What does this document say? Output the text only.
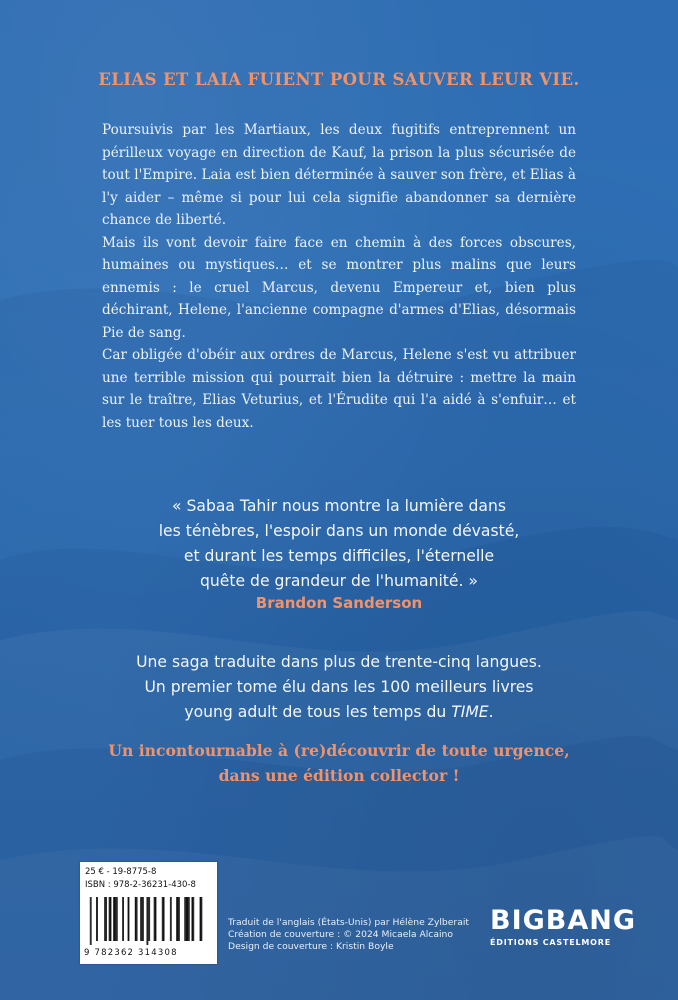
ELIAS ET LAIA FUIENT POUR SAUVER LEUR VIE.

Poursuivis par les Martiaux, les deux fugitifs entreprennent un périlleux voyage en direction de Kauf, la prison la plus sécurisée de tout l'Empire. Laia est bien déterminée à sauver son frère, et Elias à l'y aider – même si pour lui cela signifie abandonner sa dernière chance de liberté.

Mais ils vont devoir faire face en chemin à des forces obscures, humaines ou mystiques… et se montrer plus malins que leurs ennemis : le cruel Marcus, devenu Empereur et, bien plus déchirant, Helene, l'ancienne compagne d'armes d'Elias, désormais Pie de sang.

Car obligée d'obéir aux ordres de Marcus, Helene s'est vu attribuer une terrible mission qui pourrait bien la détruire : mettre la main sur le traître, Elias Veturius, et l'Érudite qui l'a aidé à s'enfuir… et les tuer tous les deux.

« Sabaa Tahir nous montre la lumière dans
les ténèbres, l'espoir dans un monde dévasté,
et durant les temps difficiles, l'éternelle
quête de grandeur de l'humanité. »
Brandon Sanderson
Une saga traduite dans plus de trente-cinq langues.
Un premier tome élu dans les 100 meilleurs livres
young adult de tous les temps du TIME.
Un incontournable à (re)découvrir de toute urgence,
dans une édition collector !
25 € - 19-8775-8
ISBN : 978-2-36231-430-8
9 782362 314308
Traduit de l'anglais (États-Unis) par Hélène Zylberait
Création de couverture : © 2024 Micaela Alcaino
Design de couverture : Kristin Boyle
BIGBANG
ÉDITIONS CASTELMORE
